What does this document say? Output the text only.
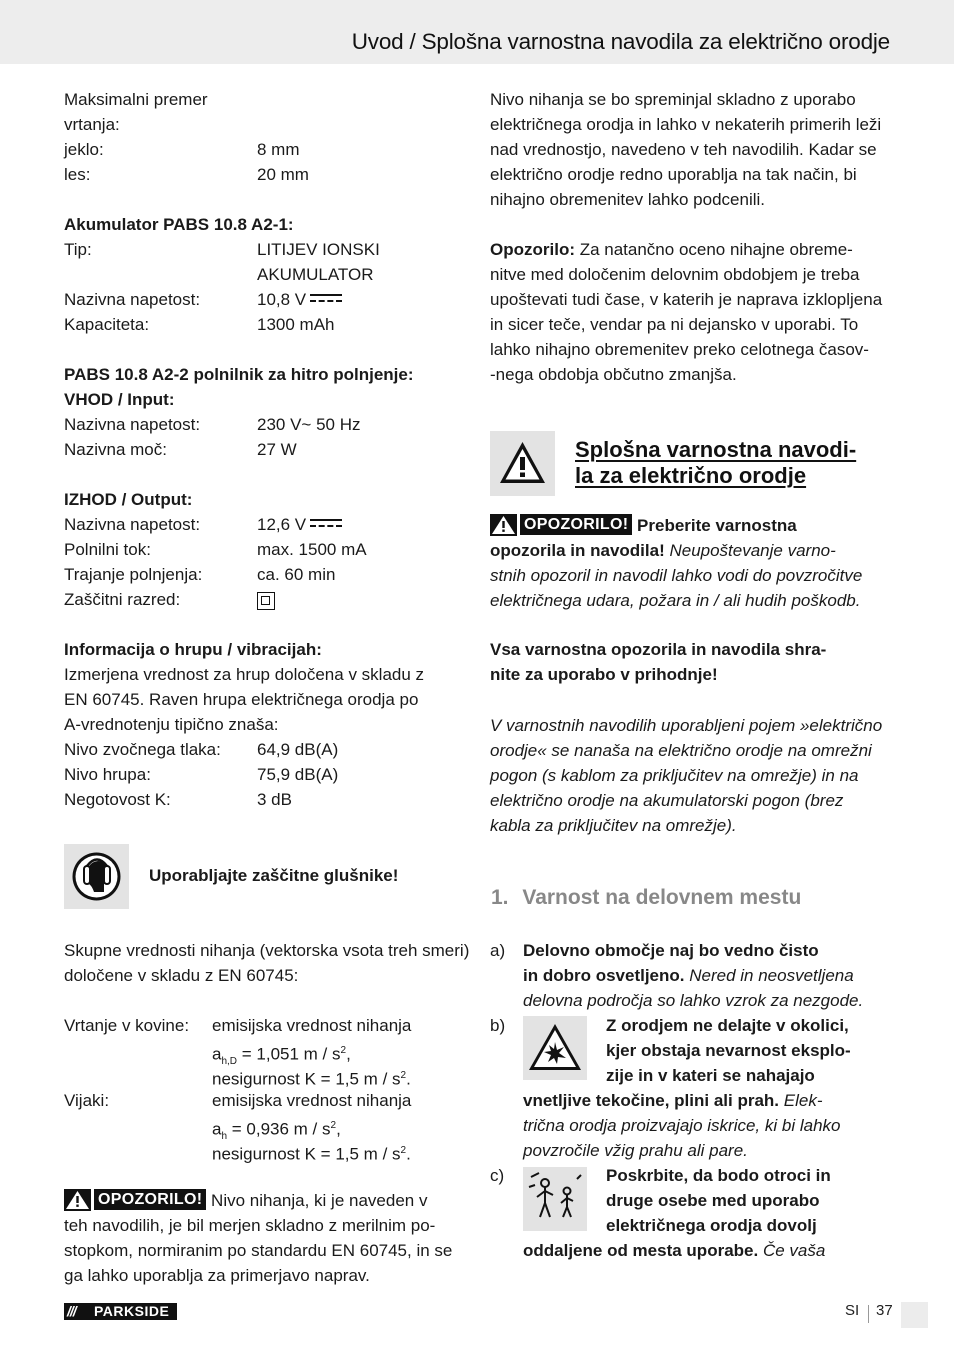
Uvod / Splošna varnostna navodila za električno orodje
Maksimalni premer
vrtanja:
jeklo:	8 mm
les:	20 mm
Akumulator PABS 10.8 A2-1:
Tip:	LITIJEV IONSKI
AKUMULATOR
Nazivna napetost:	10,8 V
Kapaciteta:	1300 mAh
PABS 10.8 A2-2 polnilnik za hitro polnjenje:
VHOD / Input:
Nazivna napetost:	230 V~ 50 Hz
Nazivna moč:	27 W
IZHOD / Output:
Nazivna napetost:	12,6 V
Polnilni tok:	max. 1500 mA
Trajanje polnjenja:	ca. 60 min
Zaščitni razred:
Informacija o hrupu / vibracijah:
Izmerjena vrednost za hrup določena v skladu z
EN 60745. Raven hrupa električnega orodja po
A-vrednotenju tipično znaša:
Nivo zvočnega tlaka: 64,9 dB(A)
Nivo hrupa:	75,9 dB(A)
Negotovost K:	3 dB
Uporabljajte zaščitne glušnike!
Skupne vrednosti nihanja (vektorska vsota treh smeri)
določene v skladu z EN 60745:
Vrtanje v kovine: emisijska vrednost nihanja
$a_{h,D} = 1,051$ m / $s^2$,
nesigurnost K = 1,5 m / $s^2$.
Vijaki:	emisijska vrednost nihanja
$a_h = 0,936$ m / $s^2$,
nesigurnost K = 1,5 m / $s^2$.
OPOZORILO! Nivo nihanja, ki je naveden v
teh navodilih, je bil merjen skladno z merilnim po-
stopkom, normiranim po standardu EN 60745, in se
ga lahko uporablja za primerjavo naprav.
Nivo nihanja se bo spreminjal skladno z uporabo
električnega orodja in lahko v nekaterih primerih leži
nad vrednostjo, navedeno v teh navodilih. Kadar se
električno orodje redno uporablja na tak način, bi
nihajno obremenitev lahko podcenili.
Opozorilo: Za natančno oceno nihajne obreme-
nitve med določenim delovnim obdobjem je treba
upoštevati tudi čase, v katerih je naprava izklopljena
in sicer teče, vendar pa ni dejansko v uporabi. To
lahko nihajno obremenitev preko celotnega časov-
-nega obdobja občutno zmanjša.
Splošna varnostna navodi-
la za električno orodje
OPOZORILO! Preberite varnostna
opozorila in navodila! Neupoštevanje varno-
stnih opozoril in navodil lahko vodi do povzročitve
električnega udara, požara in / ali hudih poškodb.
Vsa varnostna opozorila in navodila shra-
nite za uporabo v prihodnje!
V varnostnih navodilih uporabljeni pojem »električno
orodje« se nanaša na električno orodje na omrežni
pogon (s kablom za priključitev na omrežje) in na
električno orodje na akumulatorski pogon (brez
kabla za priključitev na omrežje).
1. Varnost na delovnem mestu
a) Delovno območje naj bo vedno čisto
in dobro osvetljeno. Nered in neosvetljena
delovna področja so lahko vzrok za nezgode.
b)	Z orodjem ne delajte v okolici,
kjer obstaja nevarnost eksplo-
zije in v kateri se nahajajo
vnetljive tekočine, plini ali prah. Elek-
trična orodja proizvajajo iskrice, ki bi lahko
povzročile vžig prahu ali pare.
c)	Poskrbite, da bodo otroci in
druge osebe med uporabo
električnega orodja dovolj
oddaljene od mesta uporabe. Če vaša
/// PARKSIDE	SI 37
